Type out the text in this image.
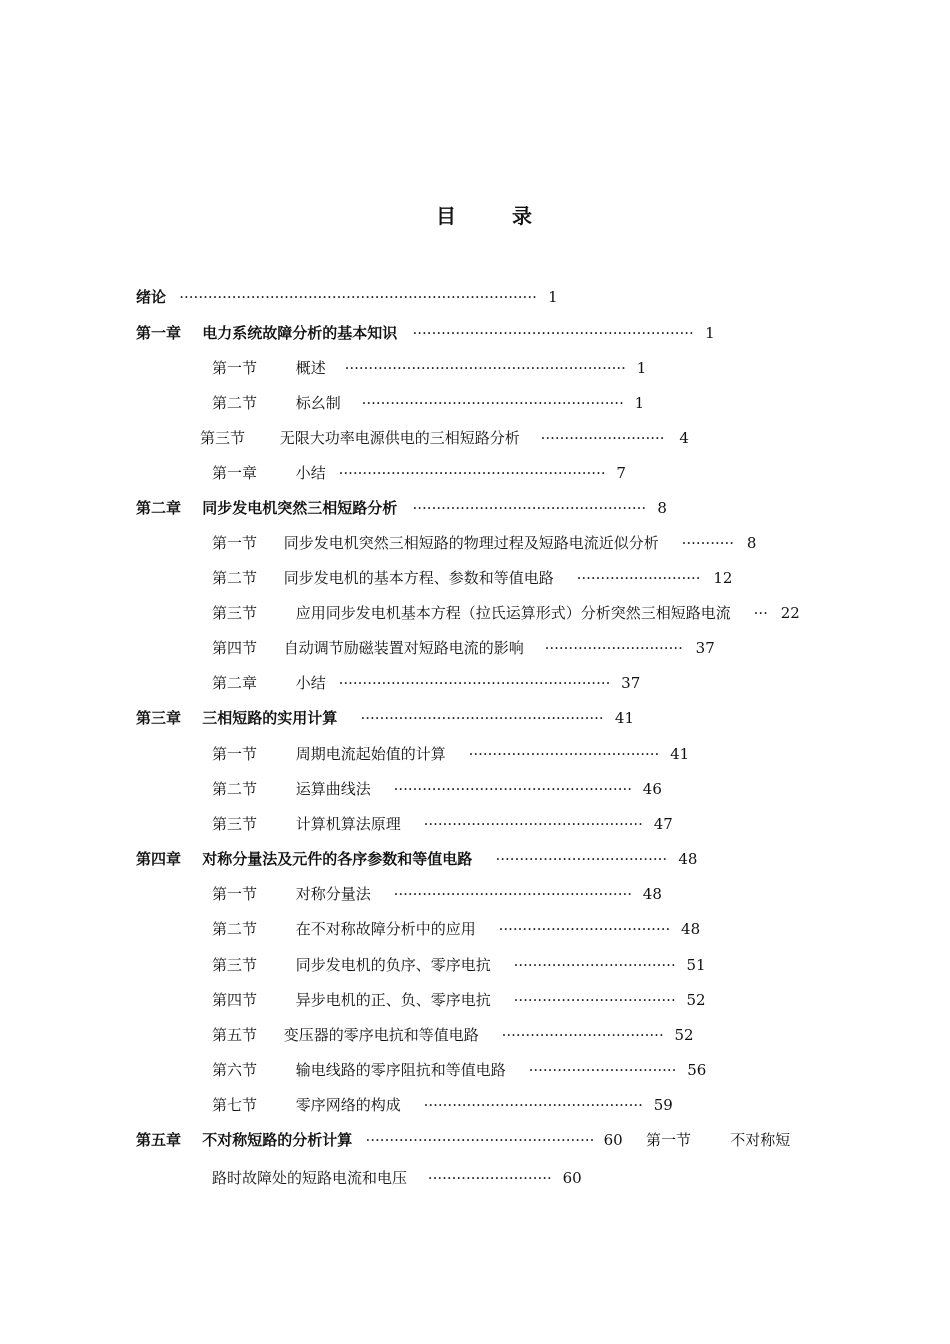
目　录
绪论 ··········································································· 1
第一章 电力系统故障分析的基本知识 ··························································· 1
第一节	概述 ··························································· 1
第二节	标幺制 ······················································· 1
第三节 无限大功率电源供电的三相短路分析 ·························· 4
第一章	小结 ························································ 7
第二章 同步发电机突然三相短路分析 ················································· 8
第一节 同步发电机突然三相短路的物理过程及短路电流近似分析 ··········· 8
第二节 同步发电机的基本方程、参数和等值电路 ·························· 12
第三节	应用同步发电机基本方程（拉氏运算形式）分析突然三相短路电流 ··· 22
第四节 自动调节励磁装置对短路电流的影响 ····························· 37
第二章	小结 ························································· 37
第三章 三相短路的实用计算 ··················································· 41
第一节	周期电流起始值的计算 ········································ 41
第二节	运算曲线法 ·················································· 46
第三节	计算机算法原理 ·············································· 47
第四章 对称分量法及元件的各序参数和等值电路 ···································· 48
第一节	对称分量法 ·················································· 48
第二节	在不对称故障分析中的应用 ···································· 48
第三节	同步发电机的负序、零序电抗 ·································· 51
第四节	异步电机的正、负、零序电抗 ·································· 52
第五节 变压器的零序电抗和等值电路 ·································· 52
第六节	输电线路的零序阻抗和等值电路 ······························· 56
第七节	零序网络的构成 ·············································· 59
第五章 不对称短路的分析计算 ················································ 60 第一节	不对称短
路时故障处的短路电流和电压 ·························· 60
